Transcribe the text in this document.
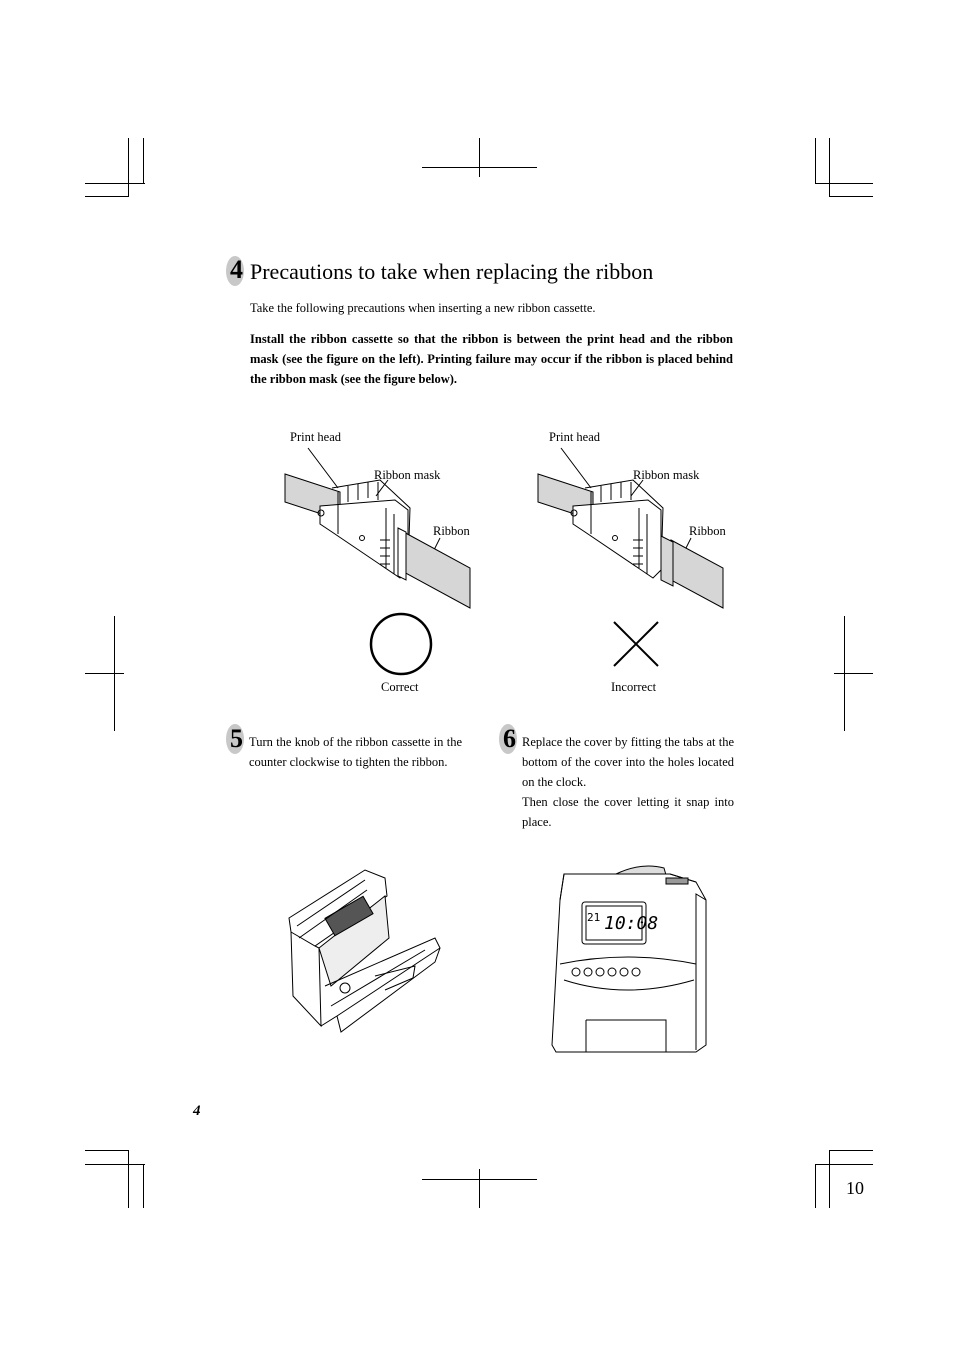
4 Precautions to take when replacing the ribbon
Take the following precautions when inserting a new ribbon cassette.
Install the ribbon cassette so that the ribbon is between the print head and the ribbon mask (see the figure on the left). Printing failure may occur if the ribbon is placed behind the ribbon mask (see the figure below).
Print head
Ribbon mask
Ribbon
Correct
Print head
Ribbon mask
Ribbon
Incorrect
5 Turn the knob of the ribbon cassette in the counter clockwise to tighten the ribbon.
6 Replace the cover by fitting the tabs at the bottom of the cover into the holes located on the clock.
Then close the cover letting it snap into place.
21 10:08
4
10
